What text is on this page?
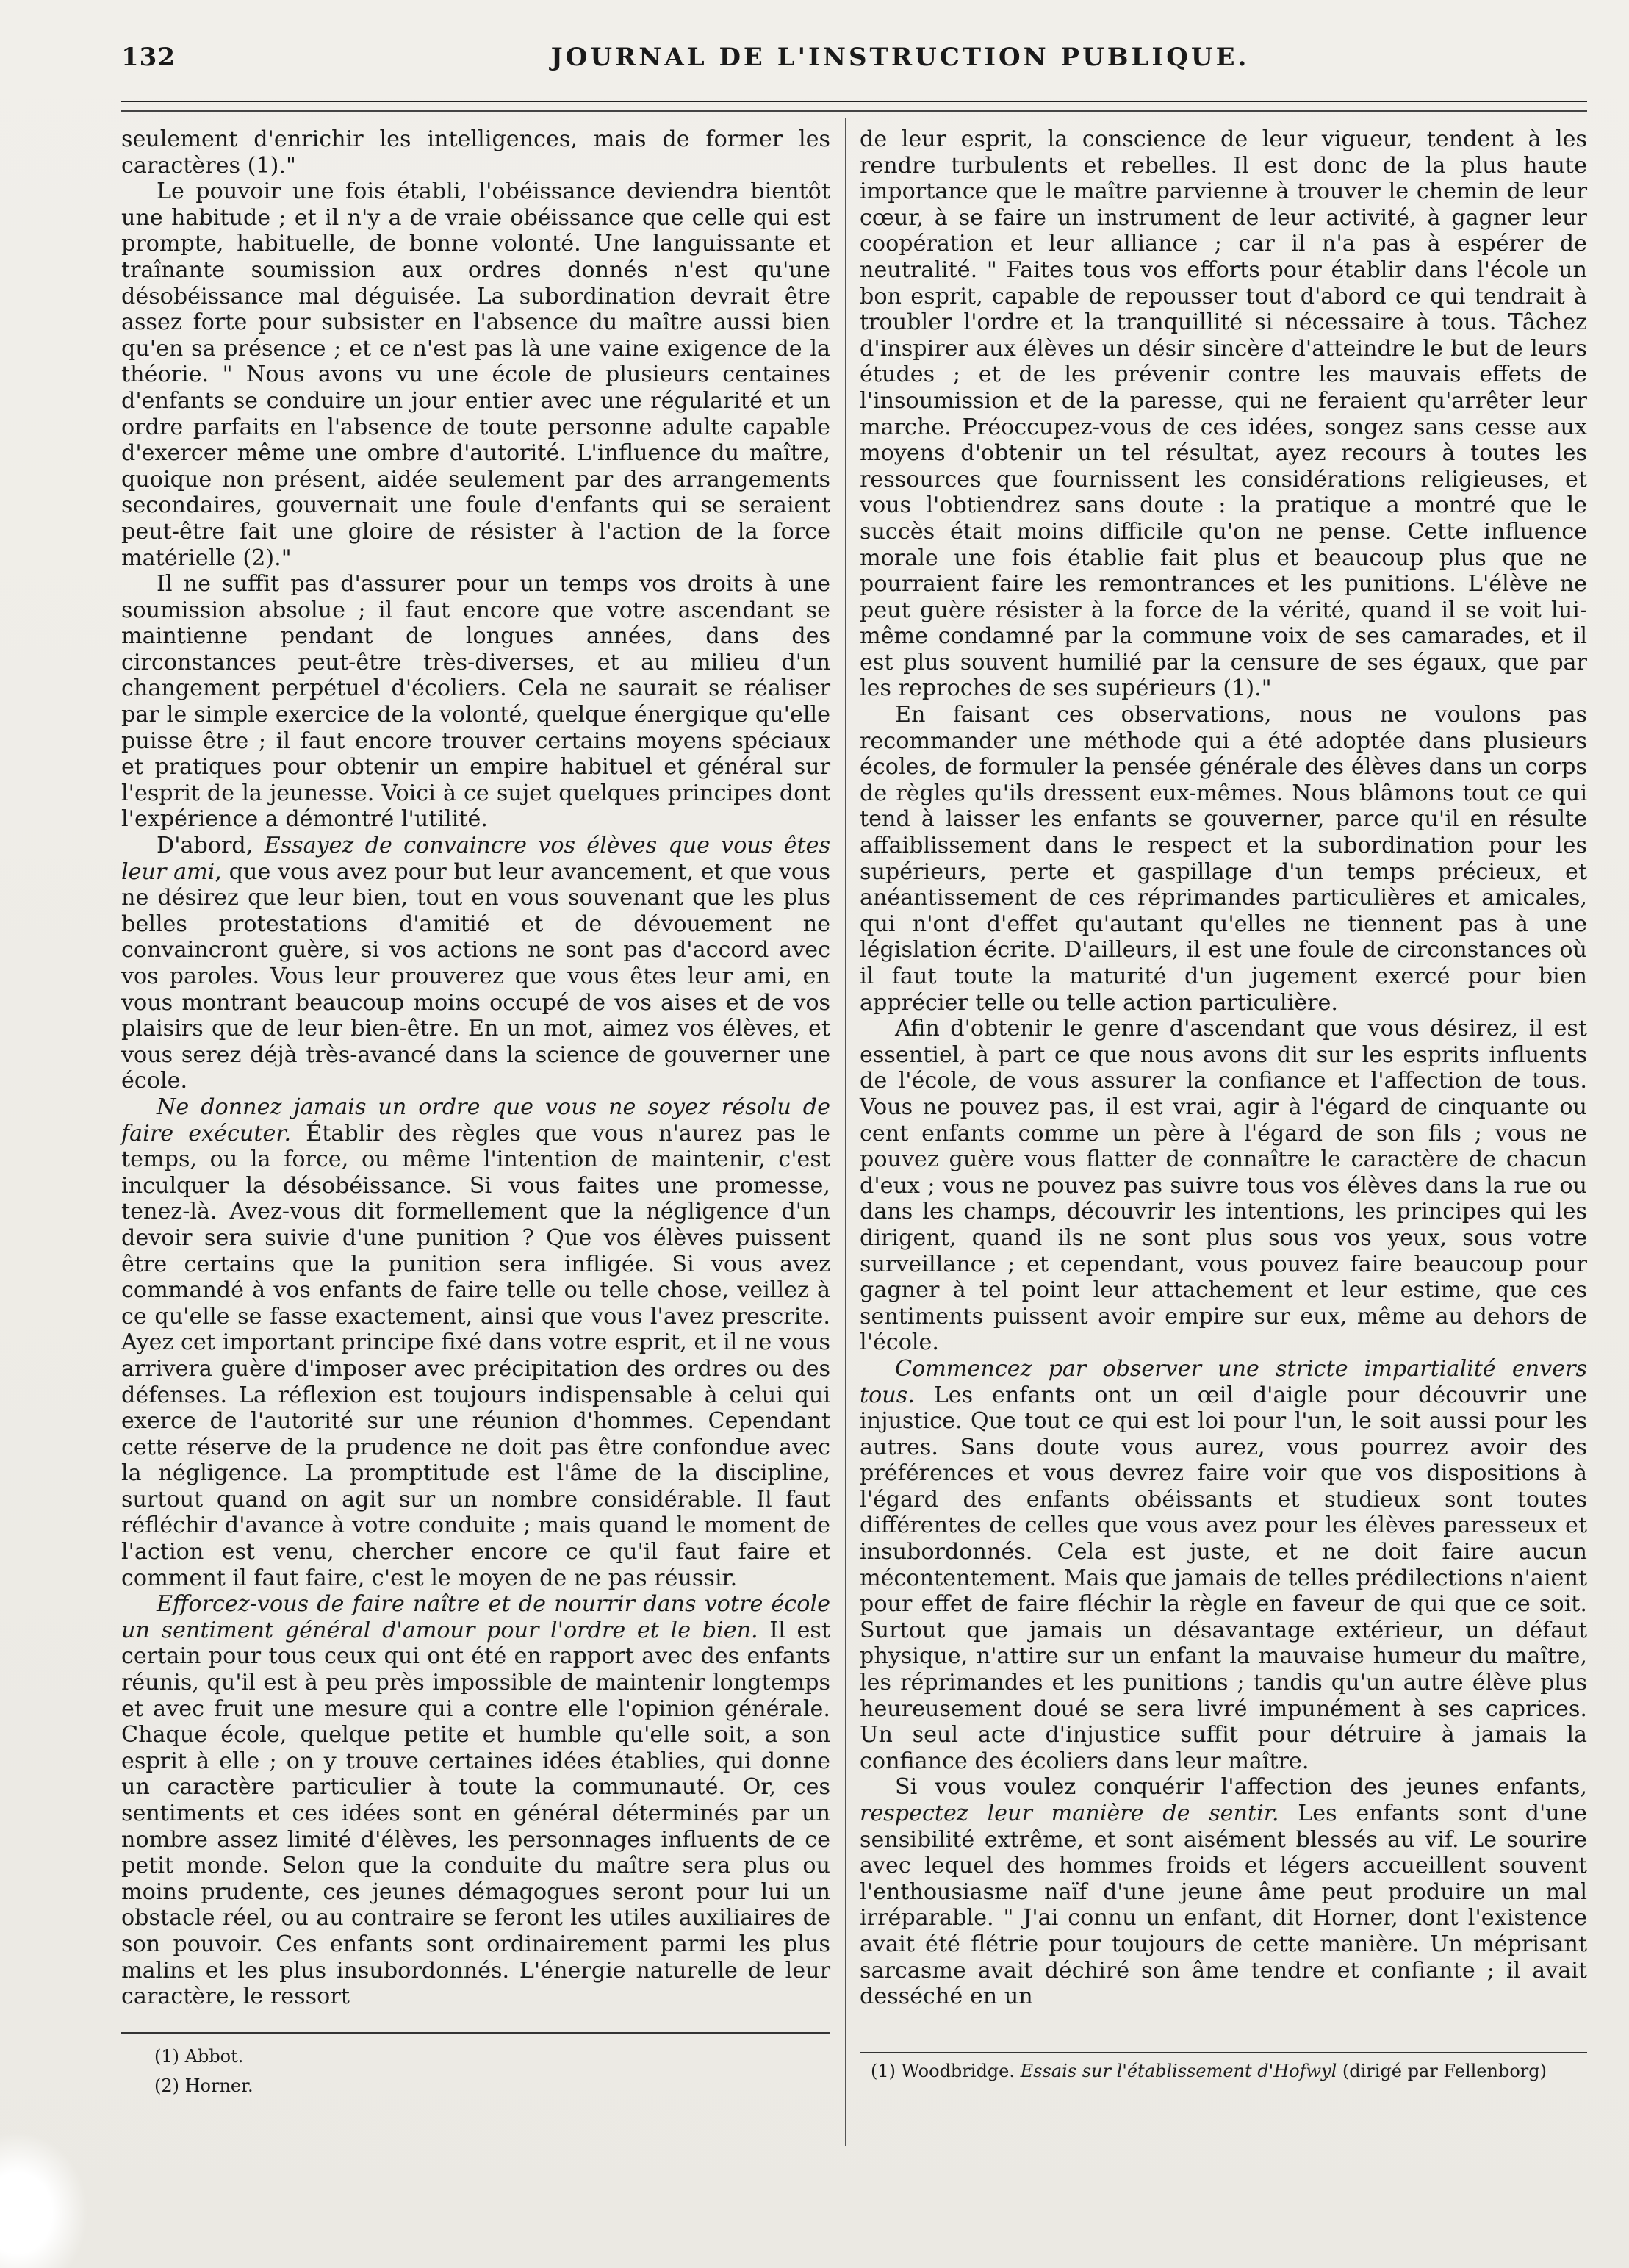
132	JOURNAL DE L'INSTRUCTION PUBLIQUE.

seulement d'enrichir les intelligences, mais de former les caractères (1)."

Le pouvoir une fois établi, l'obéissance deviendra bientôt une habitude ; et il n'y a de vraie obéissance que celle qui est prompte, habituelle, de bonne volonté. Une languissante et traînante soumission aux ordres donnés n'est qu'une désobéissance mal déguisée. La subordination devrait être assez forte pour subsister en l'absence du maître aussi bien qu'en sa présence ; et ce n'est pas là une vaine exigence de la théorie. " Nous avons vu une école de plusieurs centaines d'enfants se conduire un jour entier avec une régularité et un ordre parfaits en l'absence de toute personne adulte capable d'exercer même une ombre d'autorité. L'influence du maître, quoique non présent, aidée seulement par des arrangements secondaires, gouvernait une foule d'enfants qui se seraient peut-être fait une gloire de résister à l'action de la force matérielle (2)."

Il ne suffit pas d'assurer pour un temps vos droits à une soumission absolue ; il faut encore que votre ascendant se maintienne pendant de longues années, dans des circonstances peut-être très-diverses, et au milieu d'un changement perpétuel d'écoliers. Cela ne saurait se réaliser par le simple exercice de la volonté, quelque énergique qu'elle puisse être ; il faut encore trouver certains moyens spéciaux et pratiques pour obtenir un empire habituel et général sur l'esprit de la jeunesse. Voici à ce sujet quelques principes dont l'expérience a démontré l'utilité.

D'abord, Essayez de convaincre vos élèves que vous êtes leur ami, que vous avez pour but leur avancement, et que vous ne désirez que leur bien, tout en vous souvenant que les plus belles protestations d'amitié et de dévouement ne convaincront guère, si vos actions ne sont pas d'accord avec vos paroles. Vous leur prouverez que vous êtes leur ami, en vous montrant beaucoup moins occupé de vos aises et de vos plaisirs que de leur bien-être. En un mot, aimez vos élèves, et vous serez déjà très-avancé dans la science de gouverner une école.

Ne donnez jamais un ordre que vous ne soyez résolu de faire exécuter. Établir des règles que vous n'aurez pas le temps, ou la force, ou même l'intention de maintenir, c'est inculquer la désobéissance. Si vous faites une promesse, tenez-là. Avez-vous dit formellement que la négligence d'un devoir sera suivie d'une punition ? Que vos élèves puissent être certains que la punition sera infligée. Si vous avez commandé à vos enfants de faire telle ou telle chose, veillez à ce qu'elle se fasse exactement, ainsi que vous l'avez prescrite. Ayez cet important principe fixé dans votre esprit, et il ne vous arrivera guère d'imposer avec précipitation des ordres ou des défenses. La réflexion est toujours indispensable à celui qui exerce de l'autorité sur une réunion d'hommes. Cependant cette réserve de la prudence ne doit pas être confondue avec la négligence. La promptitude est l'âme de la discipline, surtout quand on agit sur un nombre considérable. Il faut réfléchir d'avance à votre conduite ; mais quand le moment de l'action est venu, chercher encore ce qu'il faut faire et comment il faut faire, c'est le moyen de ne pas réussir.

Efforcez-vous de faire naître et de nourrir dans votre école un sentiment général d'amour pour l'ordre et le bien. Il est certain pour tous ceux qui ont été en rapport avec des enfants réunis, qu'il est à peu près impossible de maintenir longtemps et avec fruit une mesure qui a contre elle l'opinion générale. Chaque école, quelque petite et humble qu'elle soit, a son esprit à elle ; on y trouve certaines idées établies, qui donne un caractère particulier à toute la communauté. Or, ces sentiments et ces idées sont en général déterminés par un nombre assez limité d'élèves, les personnages influents de ce petit monde. Selon que la conduite du maître sera plus ou moins prudente, ces jeunes démagogues seront pour lui un obstacle réel, ou au contraire se feront les utiles auxiliaires de son pouvoir. Ces enfants sont ordinairement parmi les plus malins et les plus insubordonnés. L'énergie naturelle de leur caractère, le ressort

de leur esprit, la conscience de leur vigueur, tendent à les rendre turbulents et rebelles. Il est donc de la plus haute importance que le maître parvienne à trouver le chemin de leur cœur, à se faire un instrument de leur activité, à gagner leur coopération et leur alliance ; car il n'a pas à espérer de neutralité. " Faites tous vos efforts pour établir dans l'école un bon esprit, capable de repousser tout d'abord ce qui tendrait à troubler l'ordre et la tranquillité si nécessaire à tous. Tâchez d'inspirer aux élèves un désir sincère d'atteindre le but de leurs études ; et de les prévenir contre les mauvais effets de l'insoumission et de la paresse, qui ne feraient qu'arrêter leur marche. Préoccupez-vous de ces idées, songez sans cesse aux moyens d'obtenir un tel résultat, ayez recours à toutes les ressources que fournissent les considérations religieuses, et vous l'obtiendrez sans doute : la pratique a montré que le succès était moins difficile qu'on ne pense. Cette influence morale une fois établie fait plus et beaucoup plus que ne pourraient faire les remontrances et les punitions. L'élève ne peut guère résister à la force de la vérité, quand il se voit lui-même condamné par la commune voix de ses camarades, et il est plus souvent humilié par la censure de ses égaux, que par les reproches de ses supérieurs (1)."

En faisant ces observations, nous ne voulons pas recommander une méthode qui a été adoptée dans plusieurs écoles, de formuler la pensée générale des élèves dans un corps de règles qu'ils dressent eux-mêmes. Nous blâmons tout ce qui tend à laisser les enfants se gouverner, parce qu'il en résulte affaiblissement dans le respect et la subordination pour les supérieurs, perte et gaspillage d'un temps précieux, et anéantissement de ces réprimandes particulières et amicales, qui n'ont d'effet qu'autant qu'elles ne tiennent pas à une législation écrite. D'ailleurs, il est une foule de circonstances où il faut toute la maturité d'un jugement exercé pour bien apprécier telle ou telle action particulière.

Afin d'obtenir le genre d'ascendant que vous désirez, il est essentiel, à part ce que nous avons dit sur les esprits influents de l'école, de vous assurer la confiance et l'affection de tous. Vous ne pouvez pas, il est vrai, agir à l'égard de cinquante ou cent enfants comme un père à l'égard de son fils ; vous ne pouvez guère vous flatter de connaître le caractère de chacun d'eux ; vous ne pouvez pas suivre tous vos élèves dans la rue ou dans les champs, découvrir les intentions, les principes qui les dirigent, quand ils ne sont plus sous vos yeux, sous votre surveillance ; et cependant, vous pouvez faire beaucoup pour gagner à tel point leur attachement et leur estime, que ces sentiments puissent avoir empire sur eux, même au dehors de l'école.

Commencez par observer une stricte impartialité envers tous. Les enfants ont un œil d'aigle pour découvrir une injustice. Que tout ce qui est loi pour l'un, le soit aussi pour les autres. Sans doute vous aurez, vous pourrez avoir des préférences et vous devrez faire voir que vos dispositions à l'égard des enfants obéissants et studieux sont toutes différentes de celles que vous avez pour les élèves paresseux et insubordonnés. Cela est juste, et ne doit faire aucun mécontentement. Mais que jamais de telles prédilections n'aient pour effet de faire fléchir la règle en faveur de qui que ce soit. Surtout que jamais un désavantage extérieur, un défaut physique, n'attire sur un enfant la mauvaise humeur du maître, les réprimandes et les punitions ; tandis qu'un autre élève plus heureusement doué se sera livré impunément à ses caprices. Un seul acte d'injustice suffit pour détruire à jamais la confiance des écoliers dans leur maître.

Si vous voulez conquérir l'affection des jeunes enfants, respectez leur manière de sentir. Les enfants sont d'une sensibilité extrême, et sont aisément blessés au vif. Le sourire avec lequel des hommes froids et légers accueillent souvent l'enthousiasme naïf d'une jeune âme peut produire un mal irréparable. " J'ai connu un enfant, dit Horner, dont l'existence avait été flétrie pour toujours de cette manière. Un méprisant sarcasme avait déchiré son âme tendre et confiante ; il avait desséché en un

(1) Abbot.
(2) Horner.
(1) Woodbridge. Essais sur l'établissement d'Hofwyl (dirigé par Fellenborg)
